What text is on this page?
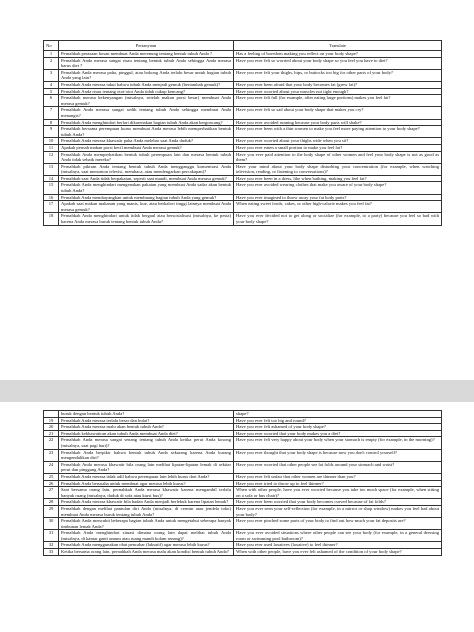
No	Pertanyaan	Translate
1	Pernahkah perasaan bosan membuat Anda merenung tentang bentuk tubuh Anda ?	Has a feeling of boredom making you reflect on your body shape?
2	Pernahkah Anda merasa sangat risau tentang bentuk tubuh Anda sehingga Anda merasa harus diet ?	Have you ever felt so worried about your body shape so you feel you have to diet?
3	Pernahkah Anda merasa paha, pinggul, atau bokong Anda terlalu besar untuk bagian tubuh Anda yang lain?	Have you ever felt your thighs, hips, or buttocks too big for other parts of your body?
4	Pernahkah Anda merasa takut bahwa tubuh Anda menjadi gemuk (bertambah gemuk)?	Have you ever been afraid that your body becomes fat (grew fat)?
5	Pernahkah Anda risau tentang otot-otot Anda tidak cukup kencang?	Have you ever worried about your muscles not tight enough?
6	Pernahkah merasa kekenyangan (misalnya, setelah makan porsi besar) membuat Anda merasa gemuk?	Have you ever felt full (for example, after eating large portions) makes you feel fat?
7	Pernahkah Anda merasa sangat sedih tentang tubuh Anda sehingga membuat Anda menangis?	Have you ever felt so sad about your body shape that makes you cry?
8	Pernahkah Anda menghindari berlari dikarenakan bagian tubuh Anda akan bergoncang?	Have you ever avoided running because your body parts will shake?
9	Pernahkah bersama perempuan kurus membuat Anda merasa lebih memperhatikan bentuk tubuh Anda?	Have you ever been with a thin women to make you feel more paying attention to your body shape?
10	Pernahkah Anda merasa khawatir paha Anda melebar saat Anda duduk?	Have you ever worried about your thighs wide when you sit?
11	Apakah pernah makan porsi kecil membuat Anda merasa gemuk?	Have you ever eaten a small portion to make you feel fat?
12	Pernahkah Anda memperhatikan bentuk tubuh perempuan lain dan merasa bentuk tubuh Anda tidak sebaik mereka?	Have you ever paid attention to the body shape of other women and feel your body shape is not as good as them?
13	Pernahkah pikiran Anda tentang bentuk tubuh Anda mengganggu konsentrasi Anda (misalnya, saat menonton televisi, membaca, atau mendengarkan percakapan)?	Have your mind about your body shape disturbing your concentration (for example, when watching television, reading, or listening to conversations)?
14	Pernahkah saat Anda tidak berpakaian, seperti saat mandi, membuat Anda merasa gemuk?	Have you ever been in a dress, like when bathing, making you feel fat?
15	Pernahkah Anda menghindari mengenakan pakaian yang membuat Anda sadar akan bentuk tubuh Anda?	Have you ever avoided wearing clothes that make you aware of your body shape?
16	Pernahkah Anda membayangkan untuk membuang bagian tubuh Anda yang gemuk?	Have you ever imagined to throw away your fat body parts?
17	Apakah saat makan makanan yang manis, kue, atau berkalori tinggi lainnya membuat Anda merasa gemuk?	When eating sweet foods, cakes, or other high-calorie makes you feel fat?
18	Pernahkah Anda menghindari untuk tidak bergaul atau bersosialisasi (misalnya, ke pesta) karena Anda merasa buruk tentang bentuk tubuh Anda?	Have you ever decided not to get along or socialize (for example, to a party) because you feel so bad with your body shape?
	buruk dengan bentuk tubuh Anda?	shape?
19	Pernahkah Anda merasa terlalu besar dan bulat?	Have you ever felt too big and round?
20	Pernahkah Anda merasa malu akan bentuk tubuh Anda?	Have you ever felt ashamed of your body shape?
21	Pernahkah kekhawatiran akan tubuh Anda membuat Anda diet?	Have you ever worried that your body makes you a diet?
22	Pernahkah Anda merasa sangat senang tentang tubuh Anda ketika perut Anda kosong (misalnya, saat pagi hari)?	Have you ever felt very happy about your body when your stomach is empty (for example, in the morning)?
23	Pernahkah Anda berpikir bahwa bentuk tubuh Anda sekarang karena Anda kurang mengendalikan diri?	Have you ever thought that your body shape is because now you don't control yourself?
24	Pernahkah Anda merasa khawatir bila orang lain melihat lipatan-lipatan lemak di sekitar perut dan pinggang Anda?	Have you ever worried that other people see fat folds around your stomach and waist?
25	Pernahkah Anda merasa tidak adil bahwa perempuan lain lebih kurus dari Anda?	Have you ever felt unfair that other women are thinner than you?
26	Pernahkah Anda berusaha untuk membuat agar merasa lebih kurus?	Have you ever tried to throw up to feel thinner?
27	Saat bersama orang lain, pernahkah Anda merasa khawatir karena mengambil terlalu banyak ruang (misalnya, duduk di sofa atau kursi bus)?	When with other people, have you ever worried because you take too much space (for example, when sitting on a sofa or bus chair)?
28	Pernahkah Anda merasa khawatir bila badan Anda menjadi berlekuk karena lipatan lemak?	Have you ever been worried that your body becomes curved because of fat folds?
29	Pernahkah dengan melihat pantulan diri Anda (misalnya, di cermin atau jendela toko) membuat Anda merasa buruk tentang tubuh Anda?	Have you ever seen your self-reflection (for example, in a mirror or shop window) makes you feel bad about your body?
30	Pernahkah Anda mencubit beberapa bagian tubuh Anda untuk mengetahui seberapa banyak timbunan lemak Anda?	Have you ever pinched some parts of your body to find out how much your fat deposits are?
31	Pernahkah Anda menghindari situasi dimana orang lain dapat melihat tubuh Anda (misalnya, di kamar ganti umum atau ruang mandi kolam renang)?	Have you ever avoided situations where other people can see your body (for example, in a general dressing room or swimming pool bathroom)?
32	Pernahkah Anda menggunakan obat pencahar (laksatif) agar merasa lebih kurus?	Have you ever used laxatives (laxative) to feel thinner?
33	Ketika bersama orang lain, pernahkah Anda merasa malu akan kondisi bentuk tubuh Anda?	When with other people, have you ever felt ashamed of the condition of your body shape?
